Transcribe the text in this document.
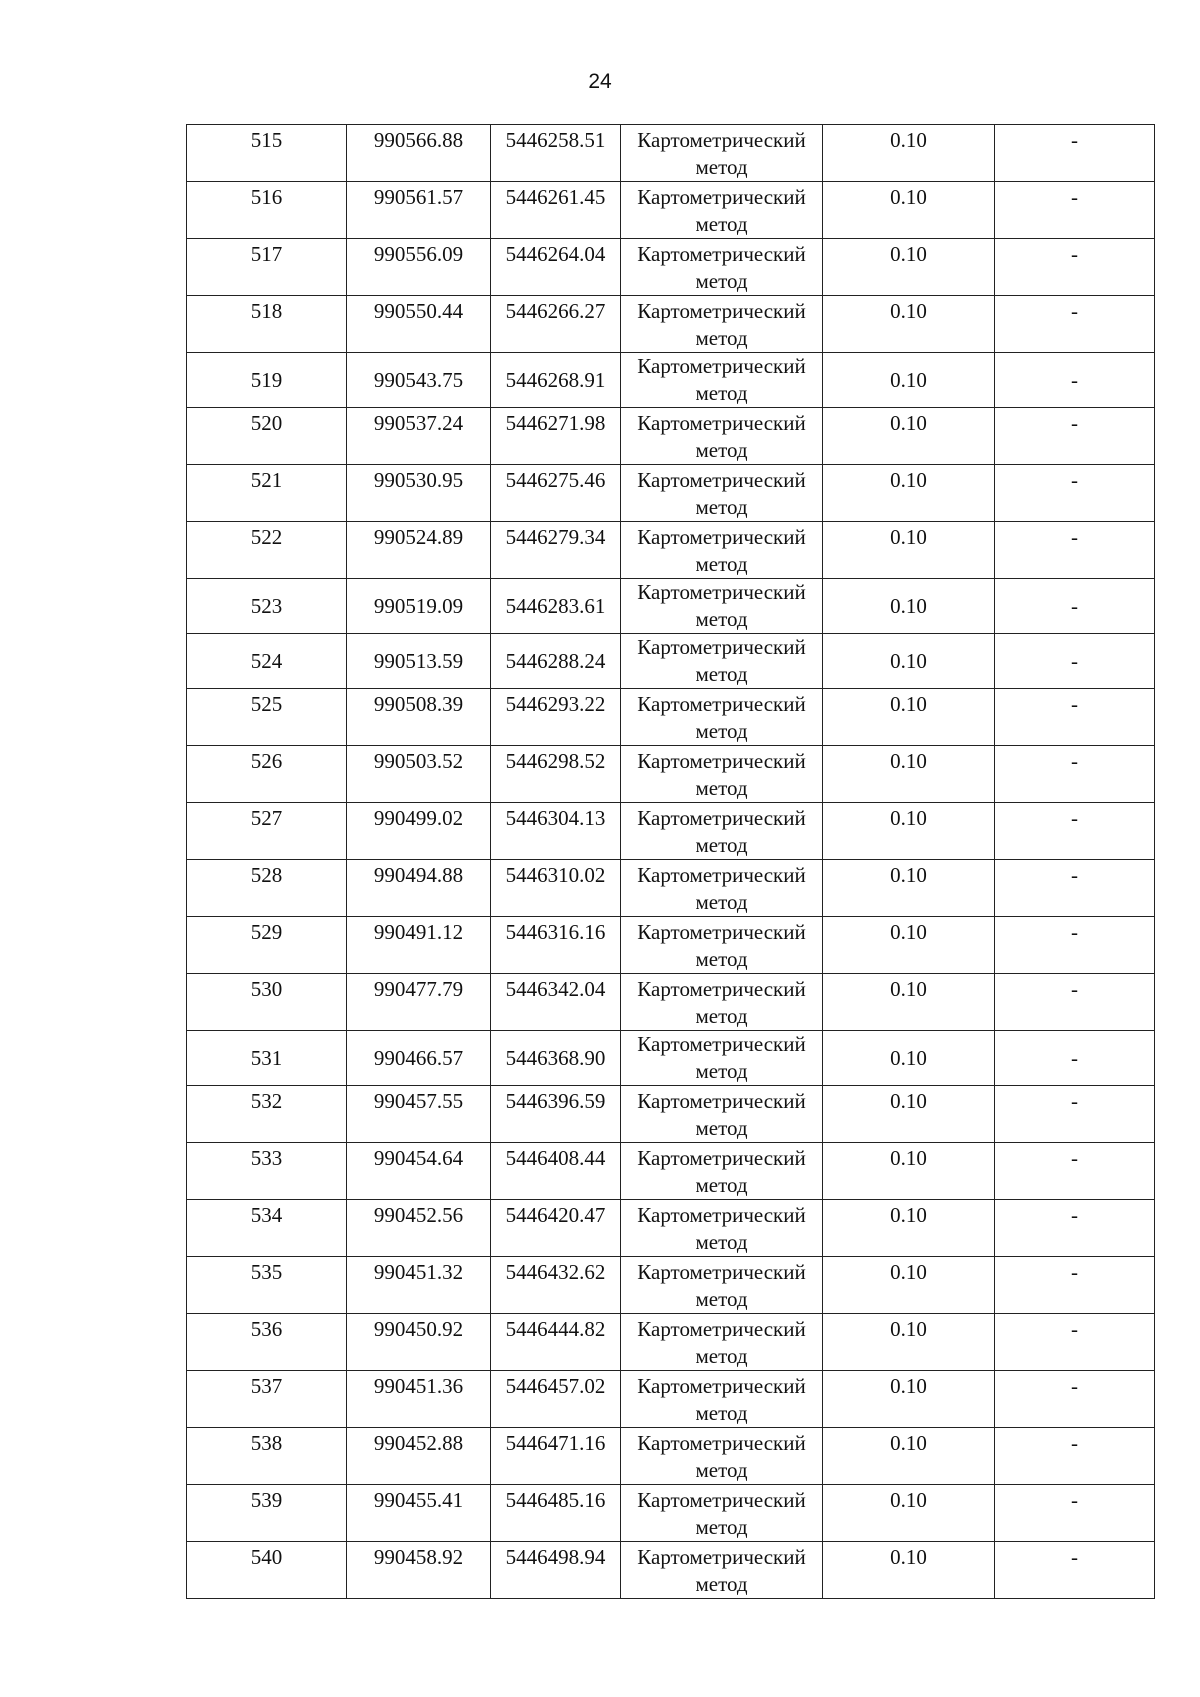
24
515	990566.88	5446258.51	Картометрический
метод	0.10	-

516	990561.57	5446261.45	Картометрический
метод	0.10	-

517	990556.09	5446264.04	Картометрический
метод	0.10	-

518	990550.44	5446266.27	Картометрический
метод	0.10	-

519	990543.75	5446268.91	Картометрический
метод	0.10	-

520	990537.24	5446271.98	Картометрический
метод	0.10	-

521	990530.95	5446275.46	Картометрический
метод	0.10	-

522	990524.89	5446279.34	Картометрический
метод	0.10	-

523	990519.09	5446283.61	Картометрический
метод	0.10	-

524	990513.59	5446288.24	Картометрический
метод	0.10	-

525	990508.39	5446293.22	Картометрический
метод	0.10	-

526	990503.52	5446298.52	Картометрический
метод	0.10	-

527	990499.02	5446304.13	Картометрический
метод	0.10	-

528	990494.88	5446310.02	Картометрический
метод	0.10	-

529	990491.12	5446316.16	Картометрический
метод	0.10	-

530	990477.79	5446342.04	Картометрический
метод	0.10	-

531	990466.57	5446368.90	Картометрический
метод	0.10	-

532	990457.55	5446396.59	Картометрический
метод	0.10	-

533	990454.64	5446408.44	Картометрический
метод	0.10	-

534	990452.56	5446420.47	Картометрический
метод	0.10	-

535	990451.32	5446432.62	Картометрический
метод	0.10	-

536	990450.92	5446444.82	Картометрический
метод	0.10	-

537	990451.36	5446457.02	Картометрический
метод	0.10	-

538	990452.88	5446471.16	Картометрический
метод	0.10	-

539	990455.41	5446485.16	Картометрический
метод	0.10	-

540	990458.92	5446498.94	Картометрический
метод	0.10	-
